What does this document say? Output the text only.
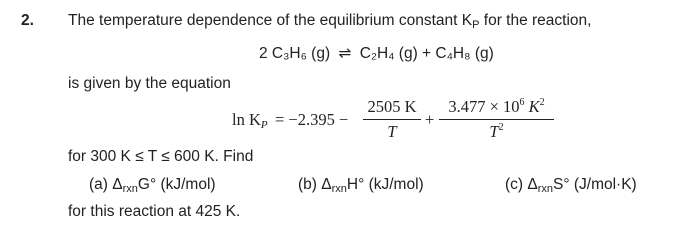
2. The temperature dependence of the equilibrium constant KP for the reaction,
2 C₃H₆ (g) ⇌ C₂H₄ (g) + C₄H₈ (g)
is given by the equation
ln KP = −2.395 −
2505 K
T
+
$3.477 \times 10^6$ $K^2$
$T^2$
for 300 K ≤ T ≤ 600 K. Find
(a) ΔrxnG° (kJ/mol)	(b) ΔrxnH° (kJ/mol)	(c) ΔrxnS° (J/mol·K)
for this reaction at 425 K.
